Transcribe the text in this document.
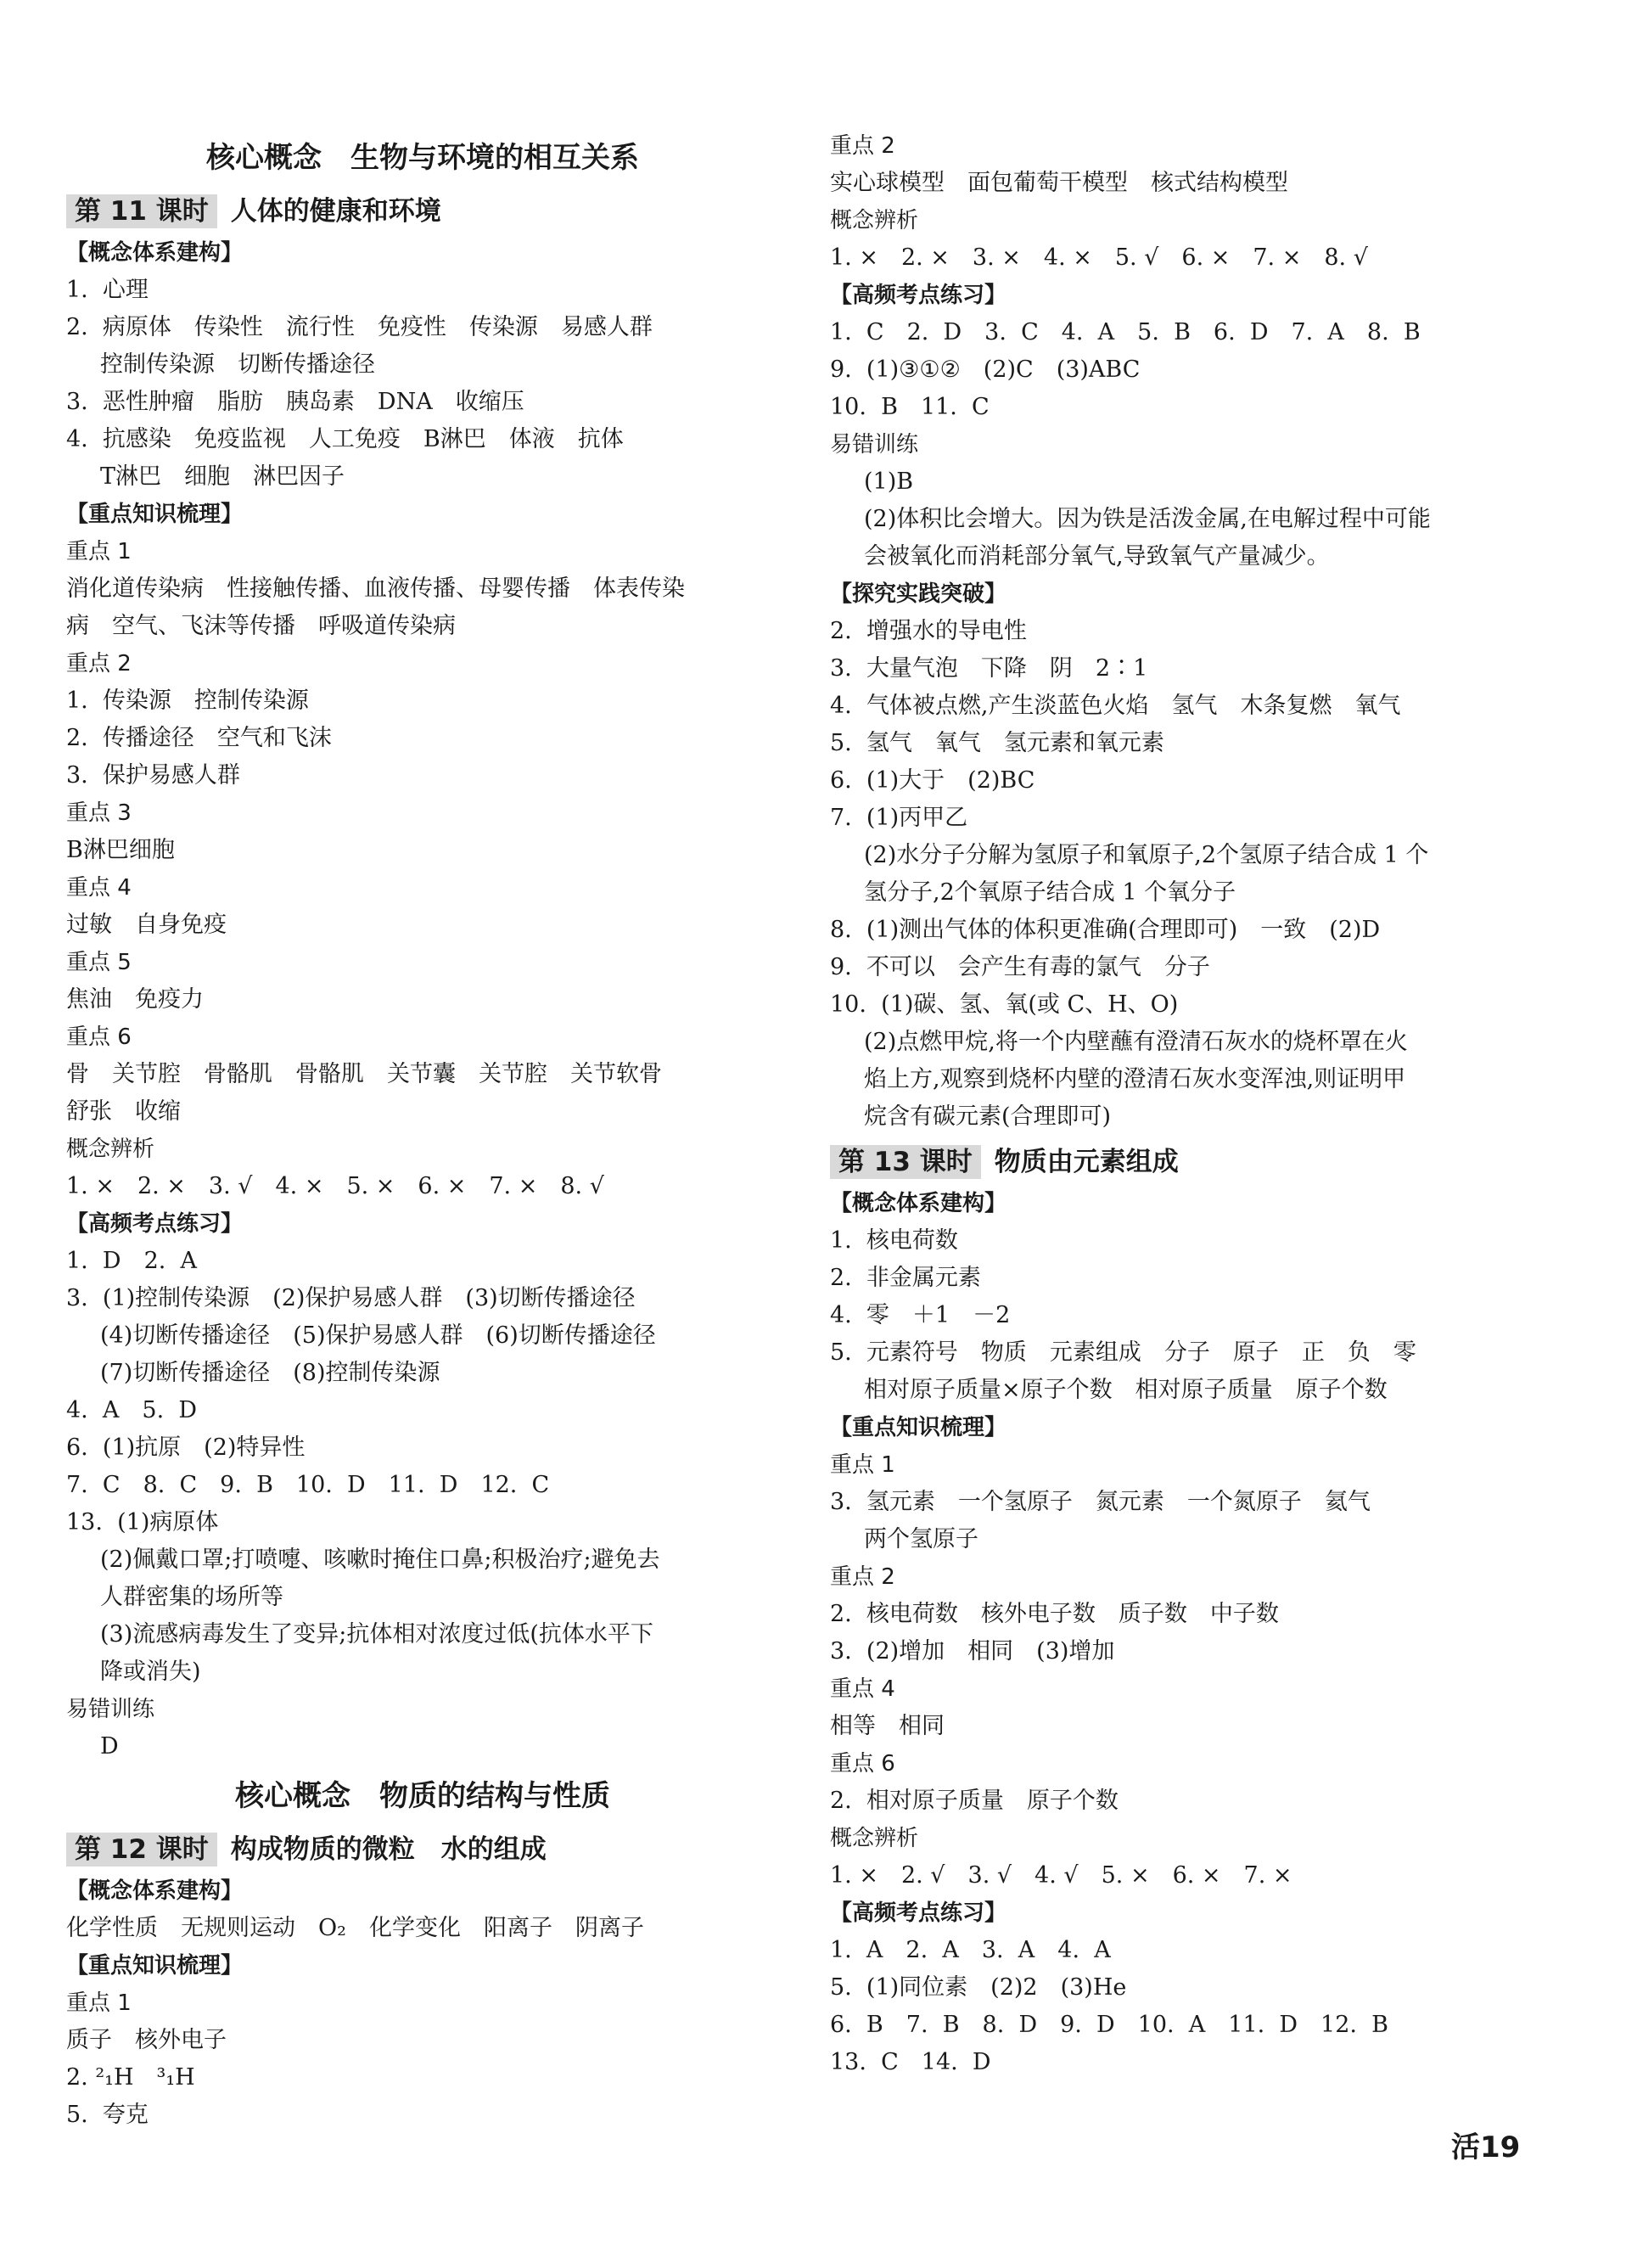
核心概念　生物与环境的相互关系
第 11 课时 人体的健康和环境
【概念体系建构】
1.  心理
2.  病原体　传染性　流行性　免疫性　传染源　易感人群
控制传染源　切断传播途径
3.  恶性肿瘤　脂肪　胰岛素　DNA　收缩压
4.  抗感染　免疫监视　人工免疫　B淋巴　体液　抗体
T淋巴　细胞　淋巴因子
【重点知识梳理】
重点 1
消化道传染病　性接触传播、血液传播、母婴传播　体表传染
病　空气、飞沫等传播　呼吸道传染病
重点 2
1.  传染源　控制传染源
2.  传播途径　空气和飞沫
3.  保护易感人群
重点 3
B淋巴细胞
重点 4
过敏　自身免疫
重点 5
焦油　免疫力
重点 6
骨　关节腔　骨骼肌　骨骼肌　关节囊　关节腔　关节软骨
舒张　收缩
概念辨析
1. ×　2. ×　3. √　4. ×　5. ×　6. ×　7. ×　8. √
【高频考点练习】
1.  D　2.  A
3.  (1)控制传染源　(2)保护易感人群　(3)切断传播途径
(4)切断传播途径　(5)保护易感人群　(6)切断传播途径
(7)切断传播途径　(8)控制传染源
4.  A　5.  D
6.  (1)抗原　(2)特异性
7.  C　8.  C　9.  B　10.  D　11.  D　12.  C
13.  (1)病原体
(2)佩戴口罩;打喷嚏、咳嗽时掩住口鼻;积极治疗;避免去
人群密集的场所等
(3)流感病毒发生了变异;抗体相对浓度过低(抗体水平下
降或消失)
易错训练
D
核心概念　物质的结构与性质
第 12 课时 构成物质的微粒　水的组成
【概念体系建构】
化学性质　无规则运动　O₂　化学变化　阳离子　阴离子
【重点知识梳理】
重点 1
质子　核外电子
2. ²₁H　³₁H
5.  夸克
重点 2
实心球模型　面包葡萄干模型　核式结构模型
概念辨析
1. ×　2. ×　3. ×　4. ×　5. √　6. ×　7. ×　8. √
【高频考点练习】
1.  C　2.  D　3.  C　4.  A　5.  B　6.  D　7.  A　8.  B
9.  (1)③①②　(2)C　(3)ABC
10.  B　11.  C
易错训练
(1)B
(2)体积比会增大。因为铁是活泼金属,在电解过程中可能
会被氧化而消耗部分氧气,导致氧气产量减少。
【探究实践突破】
2.  增强水的导电性
3.  大量气泡　下降　阴　2∶1
4.  气体被点燃,产生淡蓝色火焰　氢气　木条复燃　氧气
5.  氢气　氧气　氢元素和氧元素
6.  (1)大于　(2)BC
7.  (1)丙甲乙
(2)水分子分解为氢原子和氧原子,2个氢原子结合成 1 个
氢分子,2个氧原子结合成 1 个氧分子
8.  (1)测出气体的体积更准确(合理即可)　一致　(2)D
9.  不可以　会产生有毒的氯气　分子
10.  (1)碳、氢、氧(或 C、H、O)
(2)点燃甲烷,将一个内壁蘸有澄清石灰水的烧杯罩在火
焰上方,观察到烧杯内壁的澄清石灰水变浑浊,则证明甲
烷含有碳元素(合理即可)
第 13 课时 物质由元素组成
【概念体系建构】
1.  核电荷数
2.  非金属元素
4.  零　＋1　－2
5.  元素符号　物质　元素组成　分子　原子　正　负　零
相对原子质量×原子个数　相对原子质量　原子个数
【重点知识梳理】
重点 1
3.  氢元素　一个氢原子　氮元素　一个氮原子　氦气
两个氢原子
重点 2
2.  核电荷数　核外电子数　质子数　中子数
3.  (2)增加　相同　(3)增加
重点 4
相等　相同
重点 6
2.  相对原子质量　原子个数
概念辨析
1. ×　2. √　3. √　4. √　5. ×　6. ×　7. ×
【高频考点练习】
1.  A　2.  A　3.  A　4.  A
5.  (1)同位素　(2)2　(3)He
6.  B　7.  B　8.  D　9.  D　10.  A　11.  D　12.  B
13.  C　14.  D
活19
